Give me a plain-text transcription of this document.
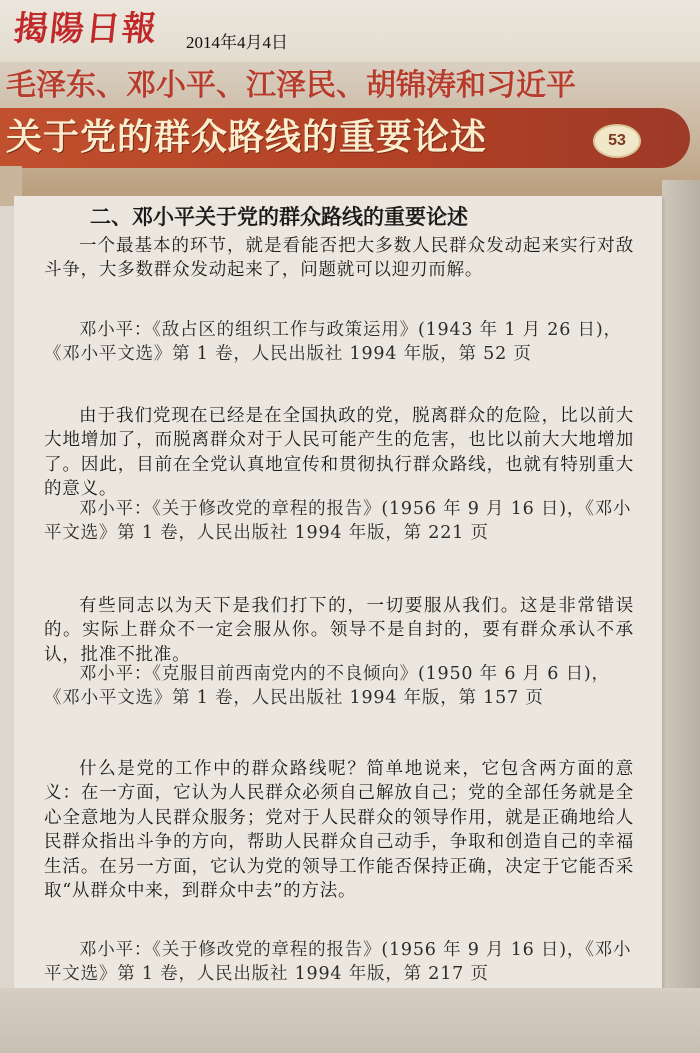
揭陽日報	2014年4月4日
毛泽东、邓小平、江泽民、胡锦涛和习近平
关于党的群众路线的重要论述	53
二、邓小平关于党的群众路线的重要论述
一个最基本的环节，就是看能否把大多数人民群众发动起来实行对敌斗争，大多数群众发动起来了，问题就可以迎刃而解。
邓小平：《敌占区的组织工作与政策运用》(1943 年 1 月 26 日)，《邓小平文选》第 1 卷，人民出版社 1994 年版，第 52 页
由于我们党现在已经是在全国执政的党，脱离群众的危险，比以前大大地增加了，而脱离群众对于人民可能产生的危害，也比以前大大地增加了。因此，目前在全党认真地宣传和贯彻执行群众路线，也就有特别重大的意义。
邓小平：《关于修改党的章程的报告》(1956 年 9 月 16 日)，《邓小平文选》第 1 卷，人民出版社 1994 年版，第 221 页
有些同志以为天下是我们打下的，一切要服从我们。这是非常错误的。实际上群众不一定会服从你。领导不是自封的，要有群众承认不承认，批准不批准。
邓小平：《克服目前西南党内的不良倾向》(1950 年 6 月 6 日)，《邓小平文选》第 1 卷，人民出版社 1994 年版，第 157 页
什么是党的工作中的群众路线呢？简单地说来，它包含两方面的意义：在一方面，它认为人民群众必须自己解放自己；党的全部任务就是全心全意地为人民群众服务；党对于人民群众的领导作用，就是正确地给人民群众指出斗争的方向，帮助人民群众自己动手，争取和创造自己的幸福生活。在另一方面，它认为党的领导工作能否保持正确，决定于它能否采取“从群众中来，到群众中去”的方法。
邓小平：《关于修改党的章程的报告》(1956 年 9 月 16 日)，《邓小平文选》第 1 卷，人民出版社 1994 年版，第 217 页
